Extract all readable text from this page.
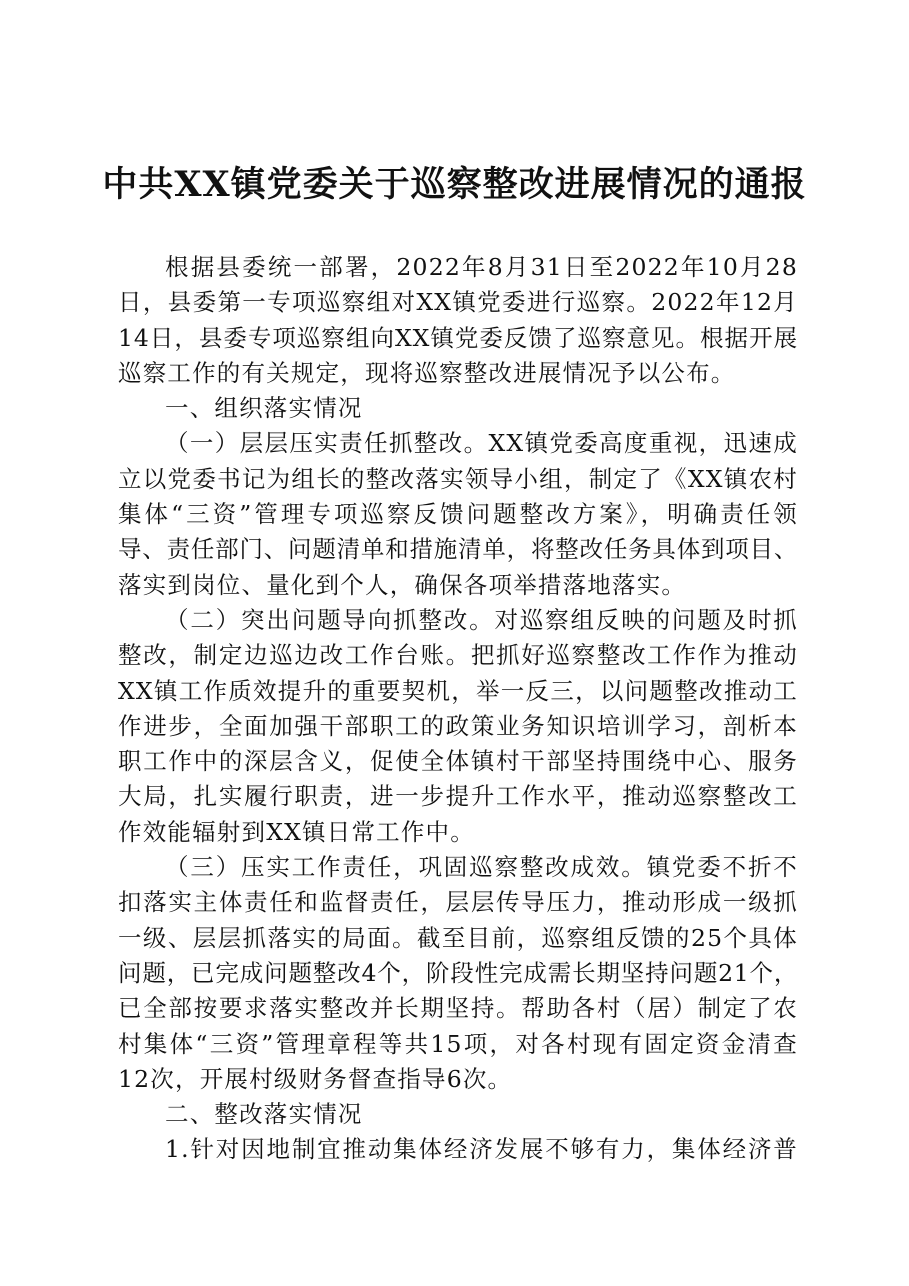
中共XX镇党委关于巡察整改进展情况的通报
根据县委统一部署，2022年8月31日至2022年10月28
日，县委第一专项巡察组对XX镇党委进行巡察。2022年12月
14日，县委专项巡察组向XX镇党委反馈了巡察意见。根据开展
巡察工作的有关规定，现将巡察整改进展情况予以公布。
一、组织落实情况
（一）层层压实责任抓整改。XX镇党委高度重视，迅速成
立以党委书记为组长的整改落实领导小组，制定了《XX镇农村
集体“三资”管理专项巡察反馈问题整改方案》，明确责任领
导、责任部门、问题清单和措施清单，将整改任务具体到项目、
落实到岗位、量化到个人，确保各项举措落地落实。
（二）突出问题导向抓整改。对巡察组反映的问题及时抓
整改，制定边巡边改工作台账。把抓好巡察整改工作作为推动
XX镇工作质效提升的重要契机，举一反三，以问题整改推动工
作进步，全面加强干部职工的政策业务知识培训学习，剖析本
职工作中的深层含义，促使全体镇村干部坚持围绕中心、服务
大局，扎实履行职责，进一步提升工作水平，推动巡察整改工
作效能辐射到XX镇日常工作中。
（三）压实工作责任，巩固巡察整改成效。镇党委不折不
扣落实主体责任和监督责任，层层传导压力，推动形成一级抓
一级、层层抓落实的局面。截至目前，巡察组反馈的25个具体
问题，已完成问题整改4个，阶段性完成需长期坚持问题21个，
已全部按要求落实整改并长期坚持。帮助各村（居）制定了农
村集体“三资”管理章程等共15项，对各村现有固定资金清查
12次，开展村级财务督查指导6次。
二、整改落实情况
1.针对因地制宜推动集体经济发展不够有力，集体经济普
